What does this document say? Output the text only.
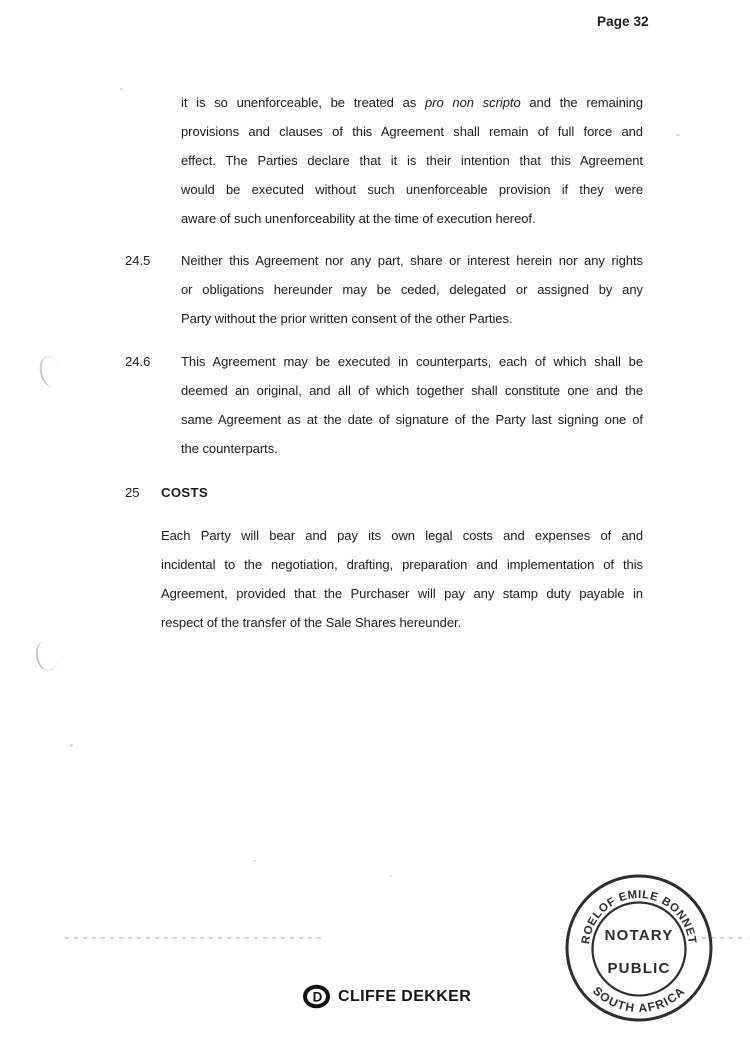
Page 32
it is so unenforceable, be treated as pro non scripto and the remaining
provisions and clauses of this Agreement shall remain of full force and
effect. The Parties declare that it is their intention that this Agreement
would be executed without such unenforceable provision if they were
aware of such unenforceability at the time of execution hereof.
24.5 Neither this Agreement nor any part, share or interest herein nor any rights
or obligations hereunder may be ceded, delegated or assigned by any
Party without the prior written consent of the other Parties.
24.6 This Agreement may be executed in counterparts, each of which shall be
deemed an original, and all of which together shall constitute one and the
same Agreement as at the date of signature of the Party last signing one of
the counterparts.
25 COSTS
Each Party will bear and pay its own legal costs and expenses of and
incidental to the negotiation, drafting, preparation and implementation of this
Agreement, provided that the Purchaser will pay any stamp duty payable in
respect of the transfer of the Sale Shares hereunder.
ROELOF EMILE BONNET
SOUTH AFRICA
NOTARY
PUBLIC
D CLIFFE DEKKER
